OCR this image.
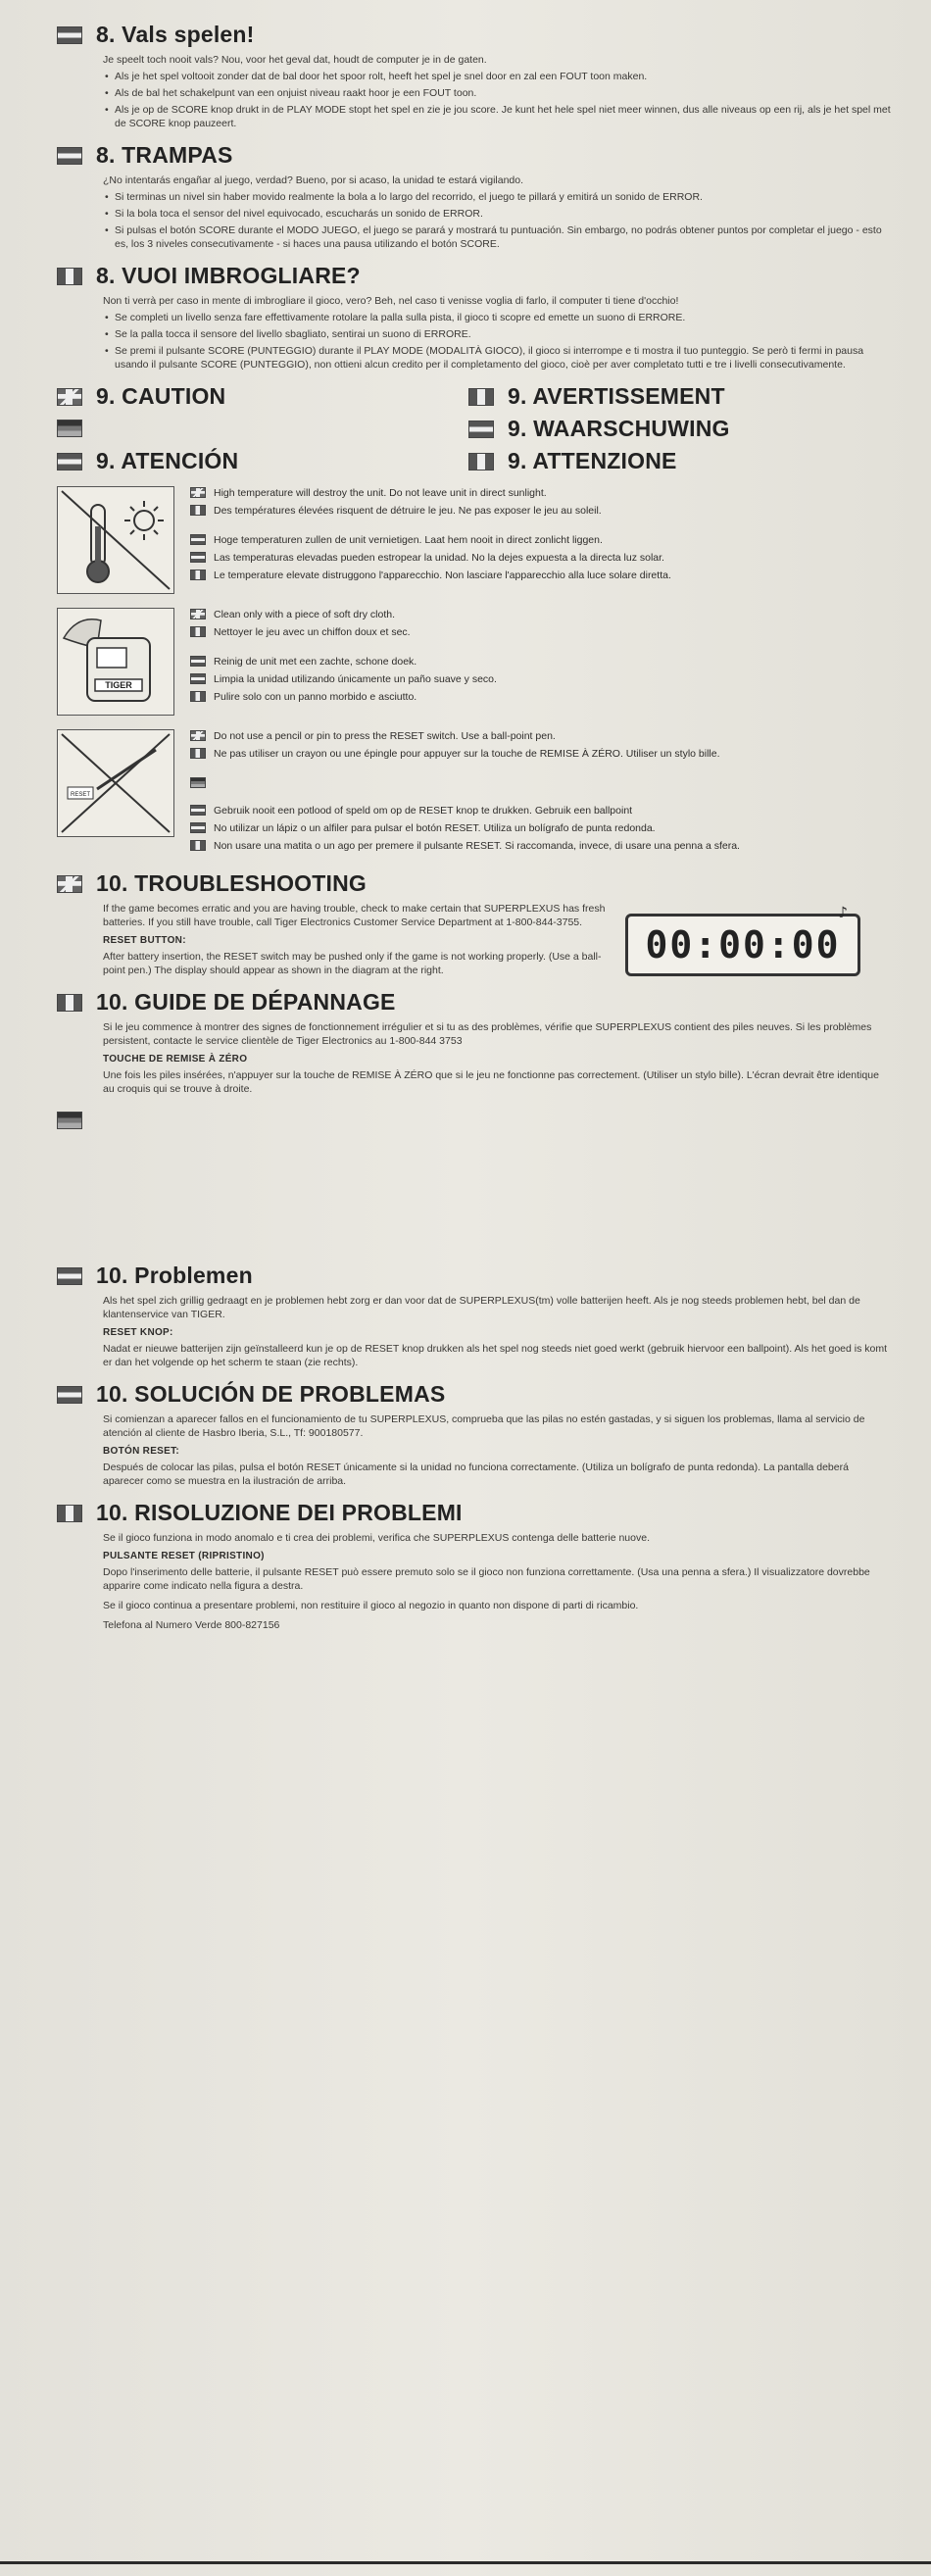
8. Vals spelen!

Je speelt toch nooit vals? Nou, voor het geval dat, houdt de computer je in de gaten.

• Als je het spel voltooit zonder dat de bal door het spoor rolt, heeft het spel je snel door en zal een FOUT toon maken.
• Als de bal het schakelpunt van een onjuist niveau raakt hoor je een FOUT toon.
• Als je op de SCORE knop drukt in de PLAY MODE stopt het spel en zie je jou score. Je kunt het hele spel niet meer winnen, dus alle niveaus op een rij, als je het spel met de SCORE knop pauzeert.
8. TRAMPAS

¿No intentarás engañar al juego, verdad? Bueno, por si acaso, la unidad te estará vigilando.

• Si terminas un nivel sin haber movido realmente la bola a lo largo del recorrido, el juego te pillará y emitirá un sonido de ERROR.
• Si la bola toca el sensor del nivel equivocado, escucharás un sonido de ERROR.
• Si pulsas el botón SCORE durante el MODO JUEGO, el juego se parará y mostrará tu puntuación. Sin embargo, no podrás obtener puntos por completar el juego - esto es, los 3 niveles consecutivamente - si haces una pausa utilizando el botón SCORE.
8. VUOI IMBROGLIARE?

Non ti verrà per caso in mente di imbrogliare il gioco, vero? Beh, nel caso ti venisse voglia di farlo, il computer ti tiene d'occhio!

• Se completi un livello senza fare effettivamente rotolare la palla sulla pista, il gioco ti scopre ed emette un suono di ERRORE.
• Se la palla tocca il sensore del livello sbagliato, sentirai un suono di ERRORE.
• Se premi il pulsante SCORE (PUNTEGGIO) durante il PLAY MODE (MODALITÀ GIOCO), il gioco si interrompe e ti mostra il tuo punteggio. Se però ti fermi in pausa usando il pulsante SCORE (PUNTEGGIO), non ottieni alcun credito per il completamento del gioco, cioè per aver completato tutti e tre i livelli consecutivamente.
9. CAUTION	9. AVERTISSEMENT
9. WAARSCHUWING
9. ATENCIÓN	9. ATTENZIONE
High temperature will destroy the unit. Do not leave unit in direct sunlight.
Des températures élevées risquent de détruire le jeu. Ne pas exposer le jeu au soleil.
Hoge temperaturen zullen de unit vernietigen. Laat hem nooit in direct zonlicht liggen.
Las temperaturas elevadas pueden estropear la unidad. No la dejes expuesta a la directa luz solar.
Le temperature elevate distruggono l'apparecchio. Non lasciare l'apparecchio alla luce solare diretta.
TIGER
Clean only with a piece of soft dry cloth.
Nettoyer le jeu avec un chiffon doux et sec.
Reinig de unit met een zachte, schone doek.
Limpia la unidad utilizando únicamente un paño suave y seco.
Pulire solo con un panno morbido e asciutto.
RESET
Do not use a pencil or pin to press the RESET switch. Use a ball-point pen.
Ne pas utiliser un crayon ou une épingle pour appuyer sur la touche de REMISE À ZÉRO. Utiliser un stylo bille.
Gebruik nooit een potlood of speld om op de RESET knop te drukken. Gebruik een ballpoint
No utilizar un lápiz o un alfiler para pulsar el botón RESET. Utiliza un bolígrafo de punta redonda.
Non usare una matita o un ago per premere il pulsante RESET. Si raccomanda, invece, di usare una penna a sfera.
10. TROUBLESHOOTING

If the game becomes erratic and you are having trouble, check to make certain that SUPERPLEXUS has fresh batteries. If you still have trouble, call Tiger Electronics Customer Service Department at 1-800-844-3755.

RESET BUTTON:

After battery insertion, the RESET switch may be pushed only if the game is not working properly. (Use a ball-point pen.) The display should appear as shown in the diagram at the right.

♪
00:00:00
10. GUIDE DE DÉPANNAGE

Si le jeu commence à montrer des signes de fonctionnement irrégulier et si tu as des problèmes, vérifie que SUPERPLEXUS contient des piles neuves. Si les problèmes persistent, contacte le service clientèle de Tiger Electronics au 1-800-844 3753

TOUCHE DE REMISE À ZÉRO

Une fois les piles insérées, n'appuyer sur la touche de REMISE À ZÉRO que si le jeu ne fonctionne pas correctement. (Utiliser un stylo bille). L'écran devrait être identique au croquis qui se trouve à droite.

10. Problemen

Als het spel zich grillig gedraagt en je problemen hebt zorg er dan voor dat de SUPERPLEXUS(tm) volle batterijen heeft. Als je nog steeds problemen hebt, bel dan de klantenservice van TIGER.

RESET KNOP:

Nadat er nieuwe batterijen zijn geïnstalleerd kun je op de RESET knop drukken als het spel nog steeds niet goed werkt (gebruik hiervoor een ballpoint). Als het goed is komt er dan het volgende op het scherm te staan (zie rechts).

10. SOLUCIÓN DE PROBLEMAS

Si comienzan a aparecer fallos en el funcionamiento de tu SUPERPLEXUS, comprueba que las pilas no estén gastadas, y si siguen los problemas, llama al servicio de atención al cliente de Hasbro Iberia, S.L., Tf: 900180577.

BOTÓN RESET:

Después de colocar las pilas, pulsa el botón RESET únicamente si la unidad no funciona correctamente. (Utiliza un bolígrafo de punta redonda). La pantalla deberá aparecer como se muestra en la ilustración de arriba.

10. RISOLUZIONE DEI PROBLEMI

Se il gioco funziona in modo anomalo e ti crea dei problemi, verifica che SUPERPLEXUS contenga delle batterie nuove.

PULSANTE RESET (RIPRISTINO)

Dopo l'inserimento delle batterie, il pulsante RESET può essere premuto solo se il gioco non funziona correttamente. (Usa una penna a sfera.) Il visualizzatore dovrebbe apparire come indicato nella figura a destra.

Se il gioco continua a presentare problemi, non restituire il gioco al negozio in quanto non dispone di parti di ricambio.

Telefona al Numero Verde 800-827156
